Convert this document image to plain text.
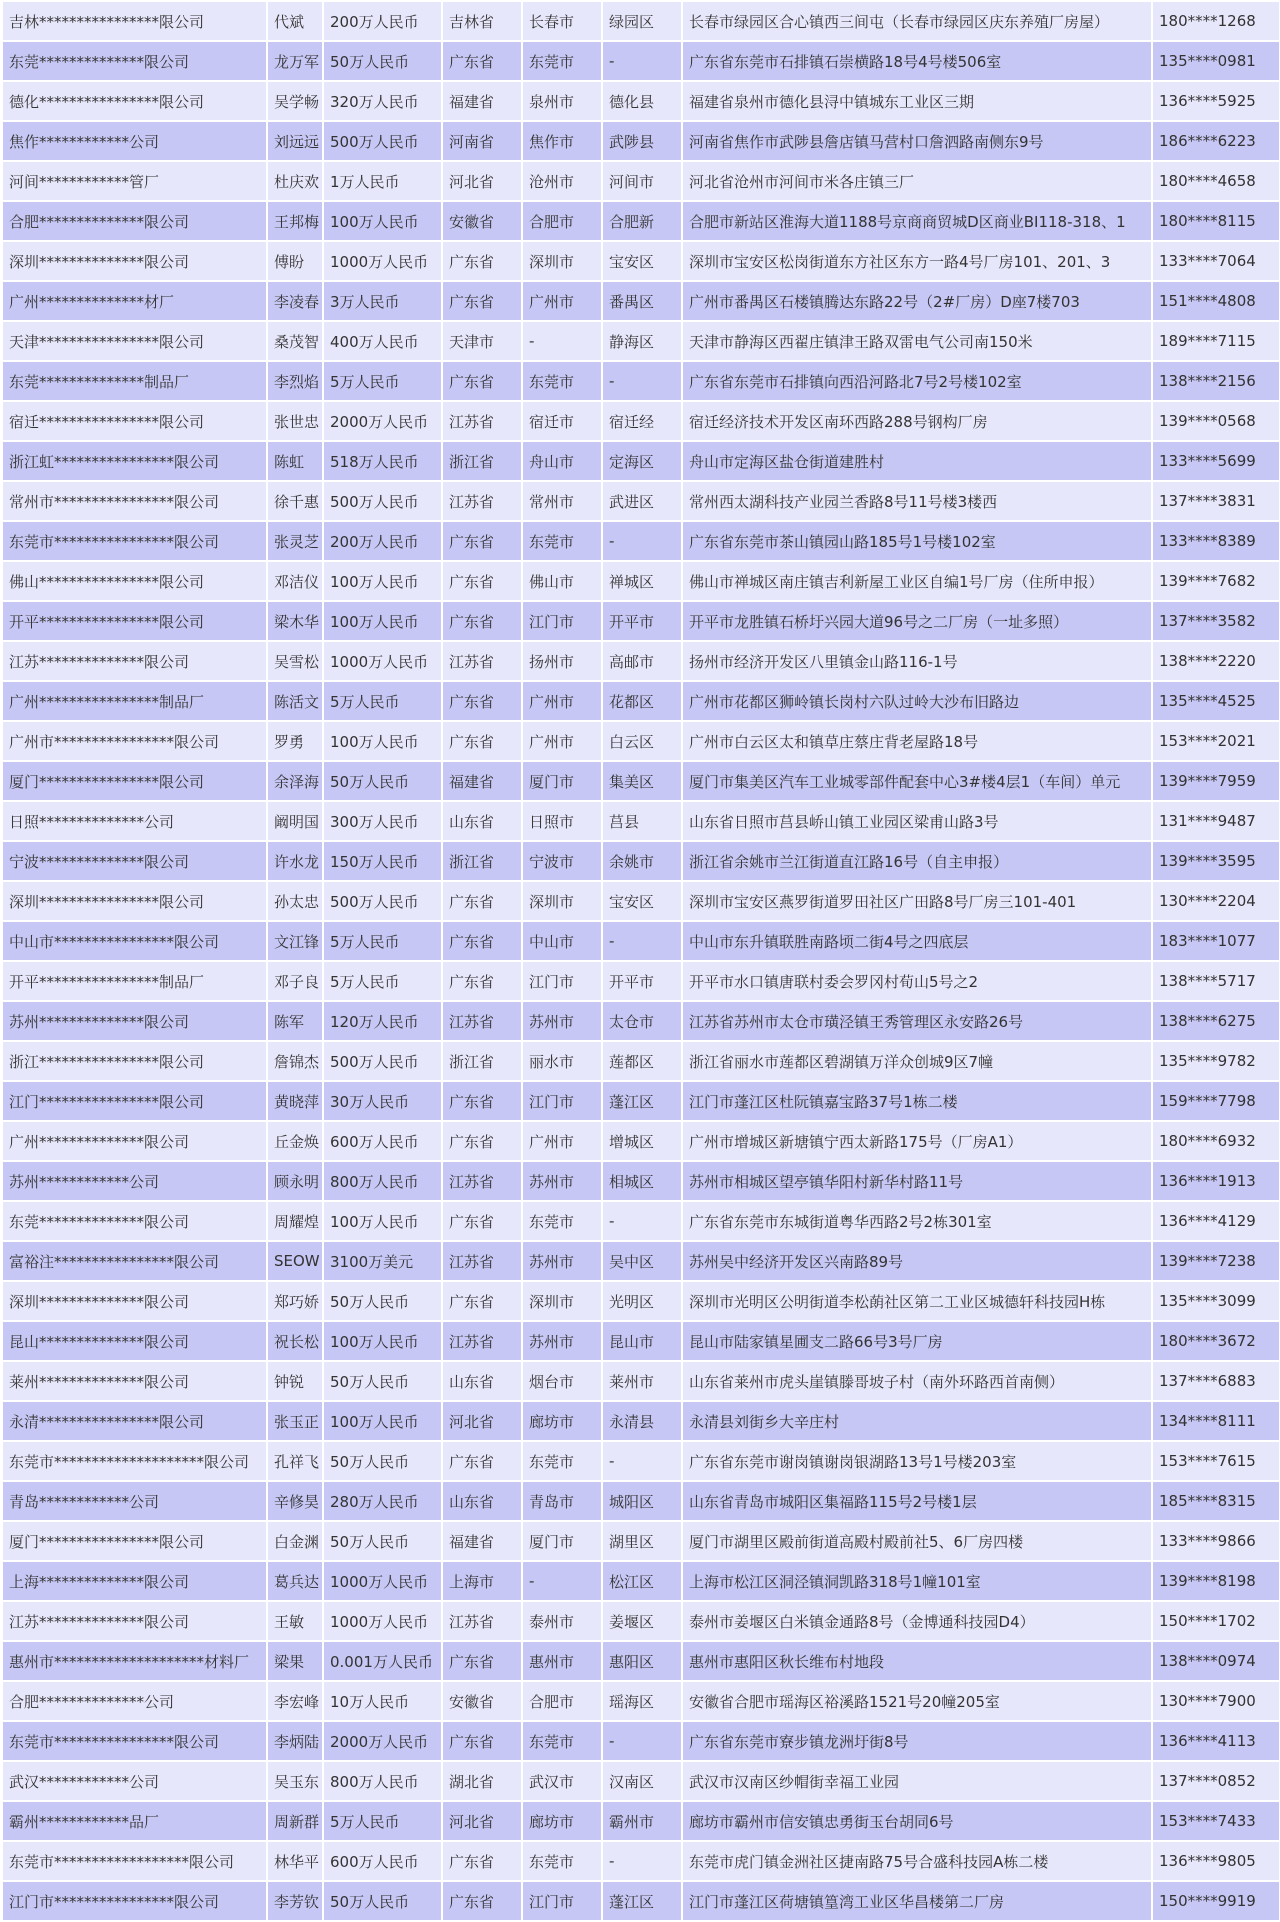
吉林****************限公司	代斌	200万人民币	吉林省	长春市	绿园区	长春市绿园区合心镇西三间屯（长春市绿园区庆东养殖厂房屋）	180****1268
东莞**************限公司	龙万军	50万人民币	广东省	东莞市	-	广东省东莞市石排镇石崇横路18号4号楼506室	135****0981
德化****************限公司	吴学畅	320万人民币	福建省	泉州市	德化县	福建省泉州市德化县浔中镇城东工业区三期	136****5925
焦作************公司	刘远远	500万人民币	河南省	焦作市	武陟县	河南省焦作市武陟县詹店镇马营村口詹泗路南侧东9号	186****6223
河间************管厂	杜庆欢	1万人民币	河北省	沧州市	河间市	河北省沧州市河间市米各庄镇三厂	180****4658
合肥**************限公司	王邦梅	100万人民币	安徽省	合肥市	合肥新	合肥市新站区淮海大道1188号京商商贸城D区商业BI118-318、1	180****8115
深圳**************限公司	傅盼	1000万人民币	广东省	深圳市	宝安区	深圳市宝安区松岗街道东方社区东方一路4号厂房101、201、3	133****7064
广州**************材厂	李凌春	3万人民币	广东省	广州市	番禺区	广州市番禺区石楼镇腾达东路22号（2#厂房）D座7楼703	151****4808
天津****************限公司	桑茂智	400万人民币	天津市	-	静海区	天津市静海区西翟庄镇津王路双雷电气公司南150米	189****7115
东莞**************制品厂	李烈焰	5万人民币	广东省	东莞市	-	广东省东莞市石排镇向西沿河路北7号2号楼102室	138****2156
宿迁****************限公司	张世忠	2000万人民币	江苏省	宿迁市	宿迁经	宿迁经济技术开发区南环西路288号钢构厂房	139****0568
浙江虹****************限公司	陈虹	518万人民币	浙江省	舟山市	定海区	舟山市定海区盐仓街道建胜村	133****5699
常州市****************限公司	徐千惠	500万人民币	江苏省	常州市	武进区	常州西太湖科技产业园兰香路8号11号楼3楼西	137****3831
东莞市****************限公司	张灵芝	200万人民币	广东省	东莞市	-	广东省东莞市茶山镇园山路185号1号楼102室	133****8389
佛山****************限公司	邓洁仪	100万人民币	广东省	佛山市	禅城区	佛山市禅城区南庄镇吉利新屋工业区自编1号厂房（住所申报）	139****7682
开平****************限公司	梁木华	100万人民币	广东省	江门市	开平市	开平市龙胜镇石桥圩兴园大道96号之二厂房（一址多照）	137****3582
江苏**************限公司	吴雪松	1000万人民币	江苏省	扬州市	高邮市	扬州市经济开发区八里镇金山路116-1号	138****2220
广州****************制品厂	陈活文	5万人民币	广东省	广州市	花都区	广州市花都区狮岭镇长岗村六队过岭大沙布旧路边	135****4525
广州市****************限公司	罗勇	100万人民币	广东省	广州市	白云区	广州市白云区太和镇草庄蔡庄背老屋路18号	153****2021
厦门****************限公司	余泽海	50万人民币	福建省	厦门市	集美区	厦门市集美区汽车工业城零部件配套中心3#楼4层1（车间）单元	139****7959
日照**************公司	阚明国	300万人民币	山东省	日照市	莒县	山东省日照市莒县峤山镇工业园区梁甫山路3号	131****9487
宁波**************限公司	许水龙	150万人民币	浙江省	宁波市	余姚市	浙江省余姚市兰江街道直江路16号（自主申报）	139****3595
深圳****************限公司	孙太忠	500万人民币	广东省	深圳市	宝安区	深圳市宝安区燕罗街道罗田社区广田路8号厂房三101-401	130****2204
中山市****************限公司	文江锋	5万人民币	广东省	中山市	-	中山市东升镇联胜南路顷二街4号之四底层	183****1077
开平****************制品厂	邓子良	5万人民币	广东省	江门市	开平市	开平市水口镇唐联村委会罗冈村荀山5号之2	138****5717
苏州**************限公司	陈军	120万人民币	江苏省	苏州市	太仓市	江苏省苏州市太仓市璜泾镇王秀管理区永安路26号	138****6275
浙江****************限公司	詹锦杰	500万人民币	浙江省	丽水市	莲都区	浙江省丽水市莲都区碧湖镇万洋众创城9区7幢	135****9782
江门****************限公司	黄晓萍	30万人民币	广东省	江门市	蓬江区	江门市蓬江区杜阮镇嘉宝路37号1栋二楼	159****7798
广州**************限公司	丘金焕	600万人民币	广东省	广州市	增城区	广州市增城区新塘镇宁西太新路175号（厂房A1）	180****6932
苏州************公司	顾永明	800万人民币	江苏省	苏州市	相城区	苏州市相城区望亭镇华阳村新华村路11号	136****1913
东莞**************限公司	周耀煌	100万人民币	广东省	东莞市	-	广东省东莞市东城街道粤华西路2号2栋301室	136****4129
富裕注****************限公司	SEOW	3100万美元	江苏省	苏州市	吴中区	苏州吴中经济开发区兴南路89号	139****7238
深圳**************限公司	郑巧娇	50万人民币	广东省	深圳市	光明区	深圳市光明区公明街道李松蓢社区第二工业区城德轩科技园H栋	135****3099
昆山**************限公司	祝长松	100万人民币	江苏省	苏州市	昆山市	昆山市陆家镇星圃支二路66号3号厂房	180****3672
莱州**************限公司	钟锐	50万人民币	山东省	烟台市	莱州市	山东省莱州市虎头崖镇滕哥坡子村（南外环路西首南侧）	137****6883
永清****************限公司	张玉正	100万人民币	河北省	廊坊市	永清县	永清县刘街乡大辛庄村	134****8111
东莞市********************限公司	孔祥飞	50万人民币	广东省	东莞市	-	广东省东莞市谢岗镇谢岗银湖路13号1号楼203室	153****7615
青岛************公司	辛修昊	280万人民币	山东省	青岛市	城阳区	山东省青岛市城阳区集福路115号2号楼1层	185****8315
厦门****************限公司	白金渊	50万人民币	福建省	厦门市	湖里区	厦门市湖里区殿前街道高殿村殿前社5、6厂房四楼	133****9866
上海**************限公司	葛兵达	1000万人民币	上海市	-	松江区	上海市松江区洞泾镇洞凯路318号1幢101室	139****8198
江苏**************限公司	王敏	1000万人民币	江苏省	泰州市	姜堰区	泰州市姜堰区白米镇金通路8号（金博通科技园D4）	150****1702
惠州市********************材料厂	梁果	0.001万人民币	广东省	惠州市	惠阳区	惠州市惠阳区秋长维布村地段	138****0974
合肥**************公司	李宏峰	10万人民币	安徽省	合肥市	瑶海区	安徽省合肥市瑶海区裕溪路1521号20幢205室	130****7900
东莞市****************限公司	李炳陆	2000万人民币	广东省	东莞市	-	广东省东莞市寮步镇龙洲圩街8号	136****4113
武汉************公司	吴玉东	800万人民币	湖北省	武汉市	汉南区	武汉市汉南区纱帽街幸福工业园	137****0852
霸州************品厂	周新群	5万人民币	河北省	廊坊市	霸州市	廊坊市霸州市信安镇忠勇街玉台胡同6号	153****7433
东莞市******************限公司	林华平	600万人民币	广东省	东莞市	-	东莞市虎门镇金洲社区捷南路75号合盛科技园A栋二楼	136****9805
江门市****************限公司	李芳钦	50万人民币	广东省	江门市	蓬江区	江门市蓬江区荷塘镇篁湾工业区华昌楼第二厂房	150****9919
